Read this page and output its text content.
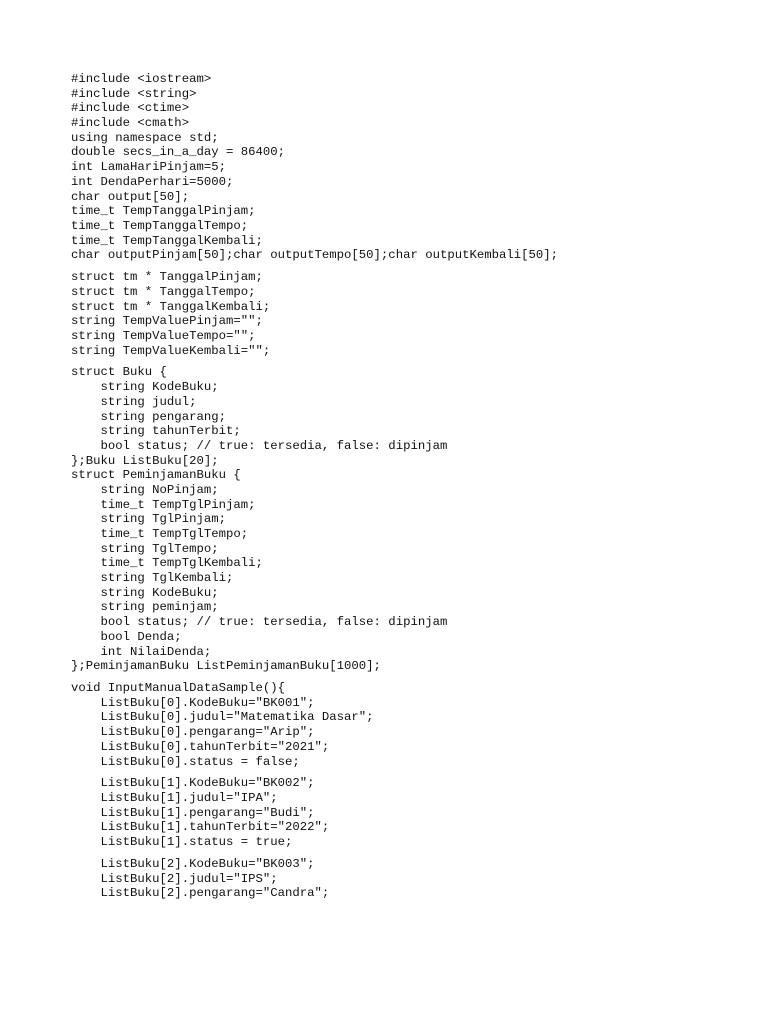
#include <iostream>
#include <string>
#include <ctime>
#include <cmath>
using namespace std;
double secs_in_a_day = 86400;
int LamaHariPinjam=5;
int DendaPerhari=5000;
char output[50];
time_t TempTanggalPinjam;
time_t TempTanggalTempo;
time_t TempTanggalKembali;
char outputPinjam[50];char outputTempo[50];char outputKembali[50];
struct tm * TanggalPinjam;
struct tm * TanggalTempo;
struct tm * TanggalKembali;
string TempValuePinjam="";
string TempValueTempo="";
string TempValueKembali="";
struct Buku {
string KodeBuku;
string judul;
string pengarang;
string tahunTerbit;
bool status; // true: tersedia, false: dipinjam
};Buku ListBuku[20];
struct PeminjamanBuku {
string NoPinjam;
time_t TempTglPinjam;
string TglPinjam;
time_t TempTglTempo;
string TglTempo;
time_t TempTglKembali;
string TglKembali;
string KodeBuku;
string peminjam;
bool status; // true: tersedia, false: dipinjam
bool Denda;
int NilaiDenda;
};PeminjamanBuku ListPeminjamanBuku[1000];
void InputManualDataSample(){
ListBuku[0].KodeBuku="BK001";
ListBuku[0].judul="Matematika Dasar";
ListBuku[0].pengarang="Arip";
ListBuku[0].tahunTerbit="2021";
ListBuku[0].status = false;
ListBuku[1].KodeBuku="BK002";
ListBuku[1].judul="IPA";
ListBuku[1].pengarang="Budi";
ListBuku[1].tahunTerbit="2022";
ListBuku[1].status = true;
ListBuku[2].KodeBuku="BK003";
ListBuku[2].judul="IPS";
ListBuku[2].pengarang="Candra";
